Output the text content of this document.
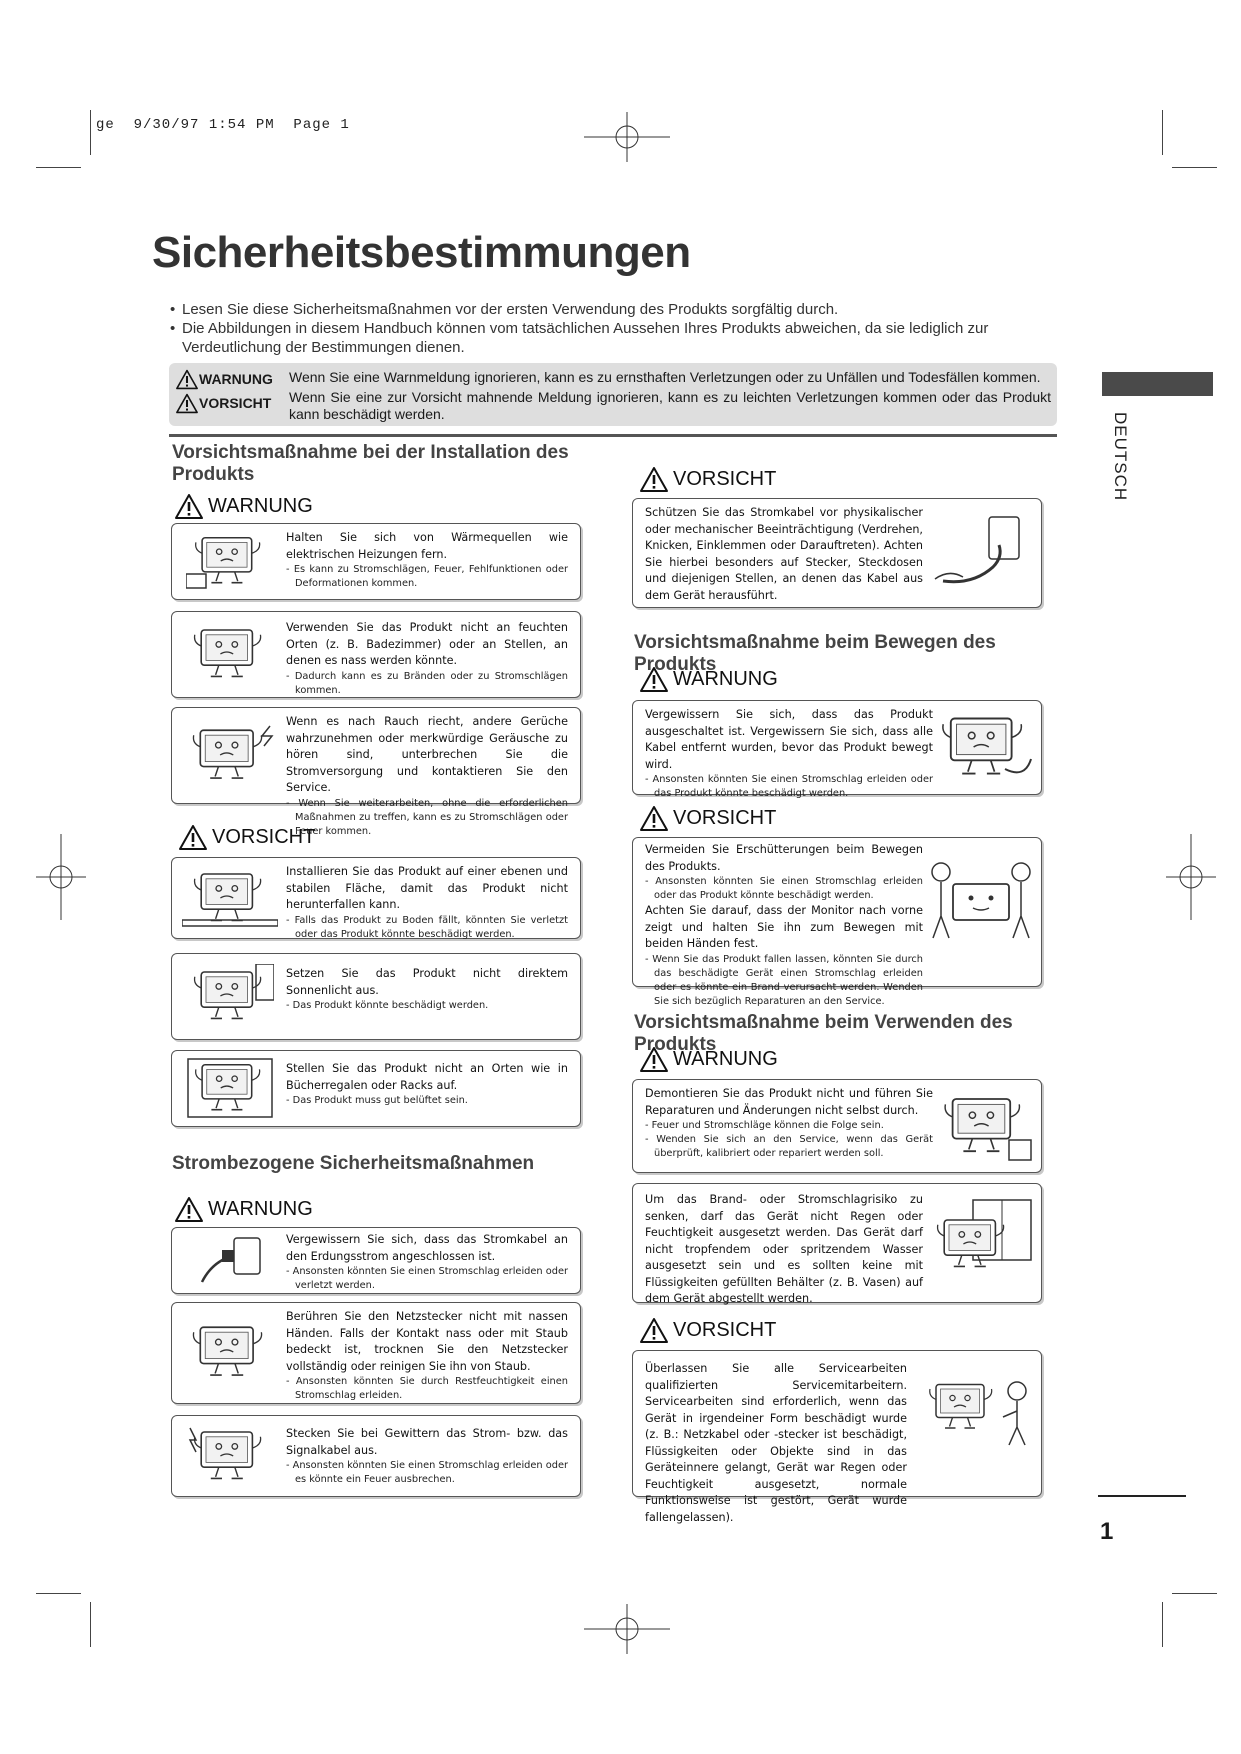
ge  9/30/97 1:54 PM  Page 1
Sicherheitsbestimmungen
• Lesen Sie diese Sicherheitsmaßnahmen vor der ersten Verwendung des Produkts sorgfältig durch.
• Die Abbildungen in diesem Handbuch können vom tatsächlichen Aussehen Ihres Produkts abweichen, da sie lediglich zur Verdeutlichung der Bestimmungen dienen.
WARNUNG Wenn Sie eine Warnmeldung ignorieren, kann es zu ernsthaften Verletzungen oder zu Unfällen und Todesfällen kommen.
VORSICHT Wenn Sie eine zur Vorsicht mahnende Meldung ignorieren, kann es zu leichten Verletzungen kommen oder das Produkt kann beschädigt werden.	DEUTSCH
Vorsichtsmaßnahme bei der Installation des Produkts
WARNUNG
Halten Sie sich von Wärmequellen wie elektrischen Heizungen fern.
- Es kann zu Stromschlägen, Feuer, Fehlfunktionen oder Deformationen kommen.
Verwenden Sie das Produkt nicht an feuchten Orten (z. B. Badezimmer) oder an Stellen, an denen es nass werden könnte.
- Dadurch kann es zu Bränden oder zu Stromschlägen kommen.
Wenn es nach Rauch riecht, andere Gerüche wahrzunehmen oder merkwürdige Geräusche zu hören sind, unterbrechen Sie die Stromversorgung und kontaktieren Sie den Service.
- Wenn Sie weiterarbeiten, ohne die erforderlichen Maßnahmen zu treffen, kann es zu Stromschlägen oder Feuer kommen.
VORSICHT
Installieren Sie das Produkt auf einer ebenen und stabilen Fläche, damit das Produkt nicht herunterfallen kann.
- Falls das Produkt zu Boden fällt, könnten Sie verletzt oder das Produkt könnte beschädigt werden.
Setzen Sie das Produkt nicht direktem Sonnenlicht aus.
- Das Produkt könnte beschädigt werden.
Stellen Sie das Produkt nicht an Orten wie in Bücherregalen oder Racks auf.
- Das Produkt muss gut belüftet sein.
Strombezogene Sicherheitsmaßnahmen
WARNUNG
Vergewissern Sie sich, dass das Stromkabel an den Erdungsstrom angeschlossen ist.
- Ansonsten könnten Sie einen Stromschlag erleiden oder verletzt werden.
Berühren Sie den Netzstecker nicht mit nassen Händen. Falls der Kontakt nass oder mit Staub bedeckt ist, trocknen Sie den Netzstecker vollständig oder reinigen Sie ihn von Staub.
- Ansonsten könnten Sie durch Restfeuchtigkeit einen Stromschlag erleiden.
Stecken Sie bei Gewittern das Strom- bzw. das Signalkabel aus.
- Ansonsten könnten Sie einen Stromschlag erleiden oder es könnte ein Feuer ausbrechen.
VORSICHT
Schützen Sie das Stromkabel vor physikalischer oder mechanischer Beeinträchtigung (Verdrehen, Knicken, Einklemmen oder Darauftreten). Achten Sie hierbei besonders auf Stecker, Steckdosen und diejenigen Stellen, an denen das Kabel aus dem Gerät herausführt.
Vorsichtsmaßnahme beim Bewegen des Produkts
WARNUNG
Vergewissern Sie sich, dass das Produkt ausgeschaltet ist. Vergewissern Sie sich, dass alle Kabel entfernt wurden, bevor das Produkt bewegt wird.
- Ansonsten könnten Sie einen Stromschlag erleiden oder das Produkt könnte beschädigt werden.
VORSICHT
Vermeiden Sie Erschütterungen beim Bewegen des Produkts.
- Ansonsten könnten Sie einen Stromschlag erleiden oder das Produkt könnte beschädigt werden.
Achten Sie darauf, dass der Monitor nach vorne zeigt und halten Sie ihn zum Bewegen mit beiden Händen fest.
- Wenn Sie das Produkt fallen lassen, könnten Sie durch das beschädigte Gerät einen Stromschlag erleiden oder es könnte ein Brand verursacht werden. Wenden Sie sich bezüglich Reparaturen an den Service.
Vorsichtsmaßnahme beim Verwenden des Produkts
WARNUNG
Demontieren Sie das Produkt nicht und führen Sie Reparaturen und Änderungen nicht selbst durch.
- Feuer und Stromschläge können die Folge sein.
- Wenden Sie sich an den Service, wenn das Gerät überprüft, kalibriert oder repariert werden soll.
Um das Brand- oder Stromschlagrisiko zu senken, darf das Gerät nicht Regen oder Feuchtigkeit ausgesetzt werden. Das Gerät darf nicht tropfendem oder spritzendem Wasser ausgesetzt sein und es sollten keine mit Flüssigkeiten gefüllten Behälter (z. B. Vasen) auf dem Gerät abgestellt werden.
VORSICHT
Überlassen Sie alle Servicearbeiten qualifizierten Servicemitarbeitern. Servicearbeiten sind erforderlich, wenn das Gerät in irgendeiner Form beschädigt wurde (z. B.: Netzkabel oder -stecker ist beschädigt, Flüssigkeiten oder Objekte sind in das Geräteinnere gelangt, Gerät war Regen oder Feuchtigkeit ausgesetzt, normale Funktionsweise ist gestört, Gerät wurde fallengelassen).
1
